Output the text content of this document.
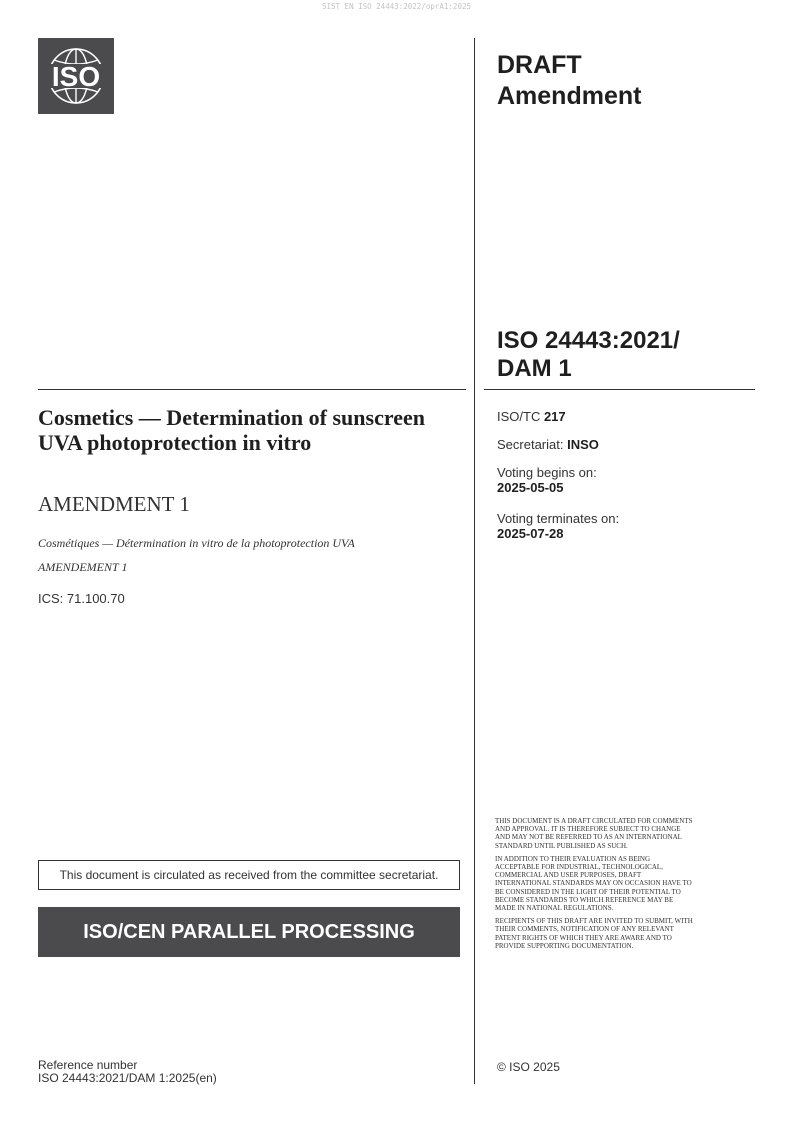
SIST EN ISO 24443:2022/oprA1:2025
ISO	DRAFT
Amendment
ISO 24443:2021/
DAM 1
Cosmetics — Determination of sunscreen UVA photoprotection in vitro
AMENDMENT 1
Cosmétiques — Détermination in vitro de la photoprotection UVA
AMENDEMENT 1
ICS: 71.100.70
ISO/TC 217
Secretariat: INSO
Voting begins on:
2025-05-05
Voting terminates on:
2025-07-28
This document is circulated as received from the committee secretariat.
ISO/CEN PARALLEL PROCESSING
Reference number
ISO 24443:2021/DAM 1:2025(en)

THIS DOCUMENT IS A DRAFT CIRCULATED FOR COMMENTS AND APPROVAL. IT IS THEREFORE SUBJECT TO CHANGE AND MAY NOT BE REFERRED TO AS AN INTERNATIONAL STANDARD UNTIL PUBLISHED AS SUCH.

IN ADDITION TO THEIR EVALUATION AS BEING ACCEPTABLE FOR INDUSTRIAL, TECHNOLOGICAL, COMMERCIAL AND USER PURPOSES, DRAFT INTERNATIONAL STANDARDS MAY ON OCCASION HAVE TO BE CONSIDERED IN THE LIGHT OF THEIR POTENTIAL TO BECOME STANDARDS TO WHICH REFERENCE MAY BE MADE IN NATIONAL REGULATIONS.

RECIPIENTS OF THIS DRAFT ARE INVITED TO SUBMIT, WITH THEIR COMMENTS, NOTIFICATION OF ANY RELEVANT PATENT RIGHTS OF WHICH THEY ARE AWARE AND TO PROVIDE SUPPORTING DOCUMENTATION.

© ISO 2025
